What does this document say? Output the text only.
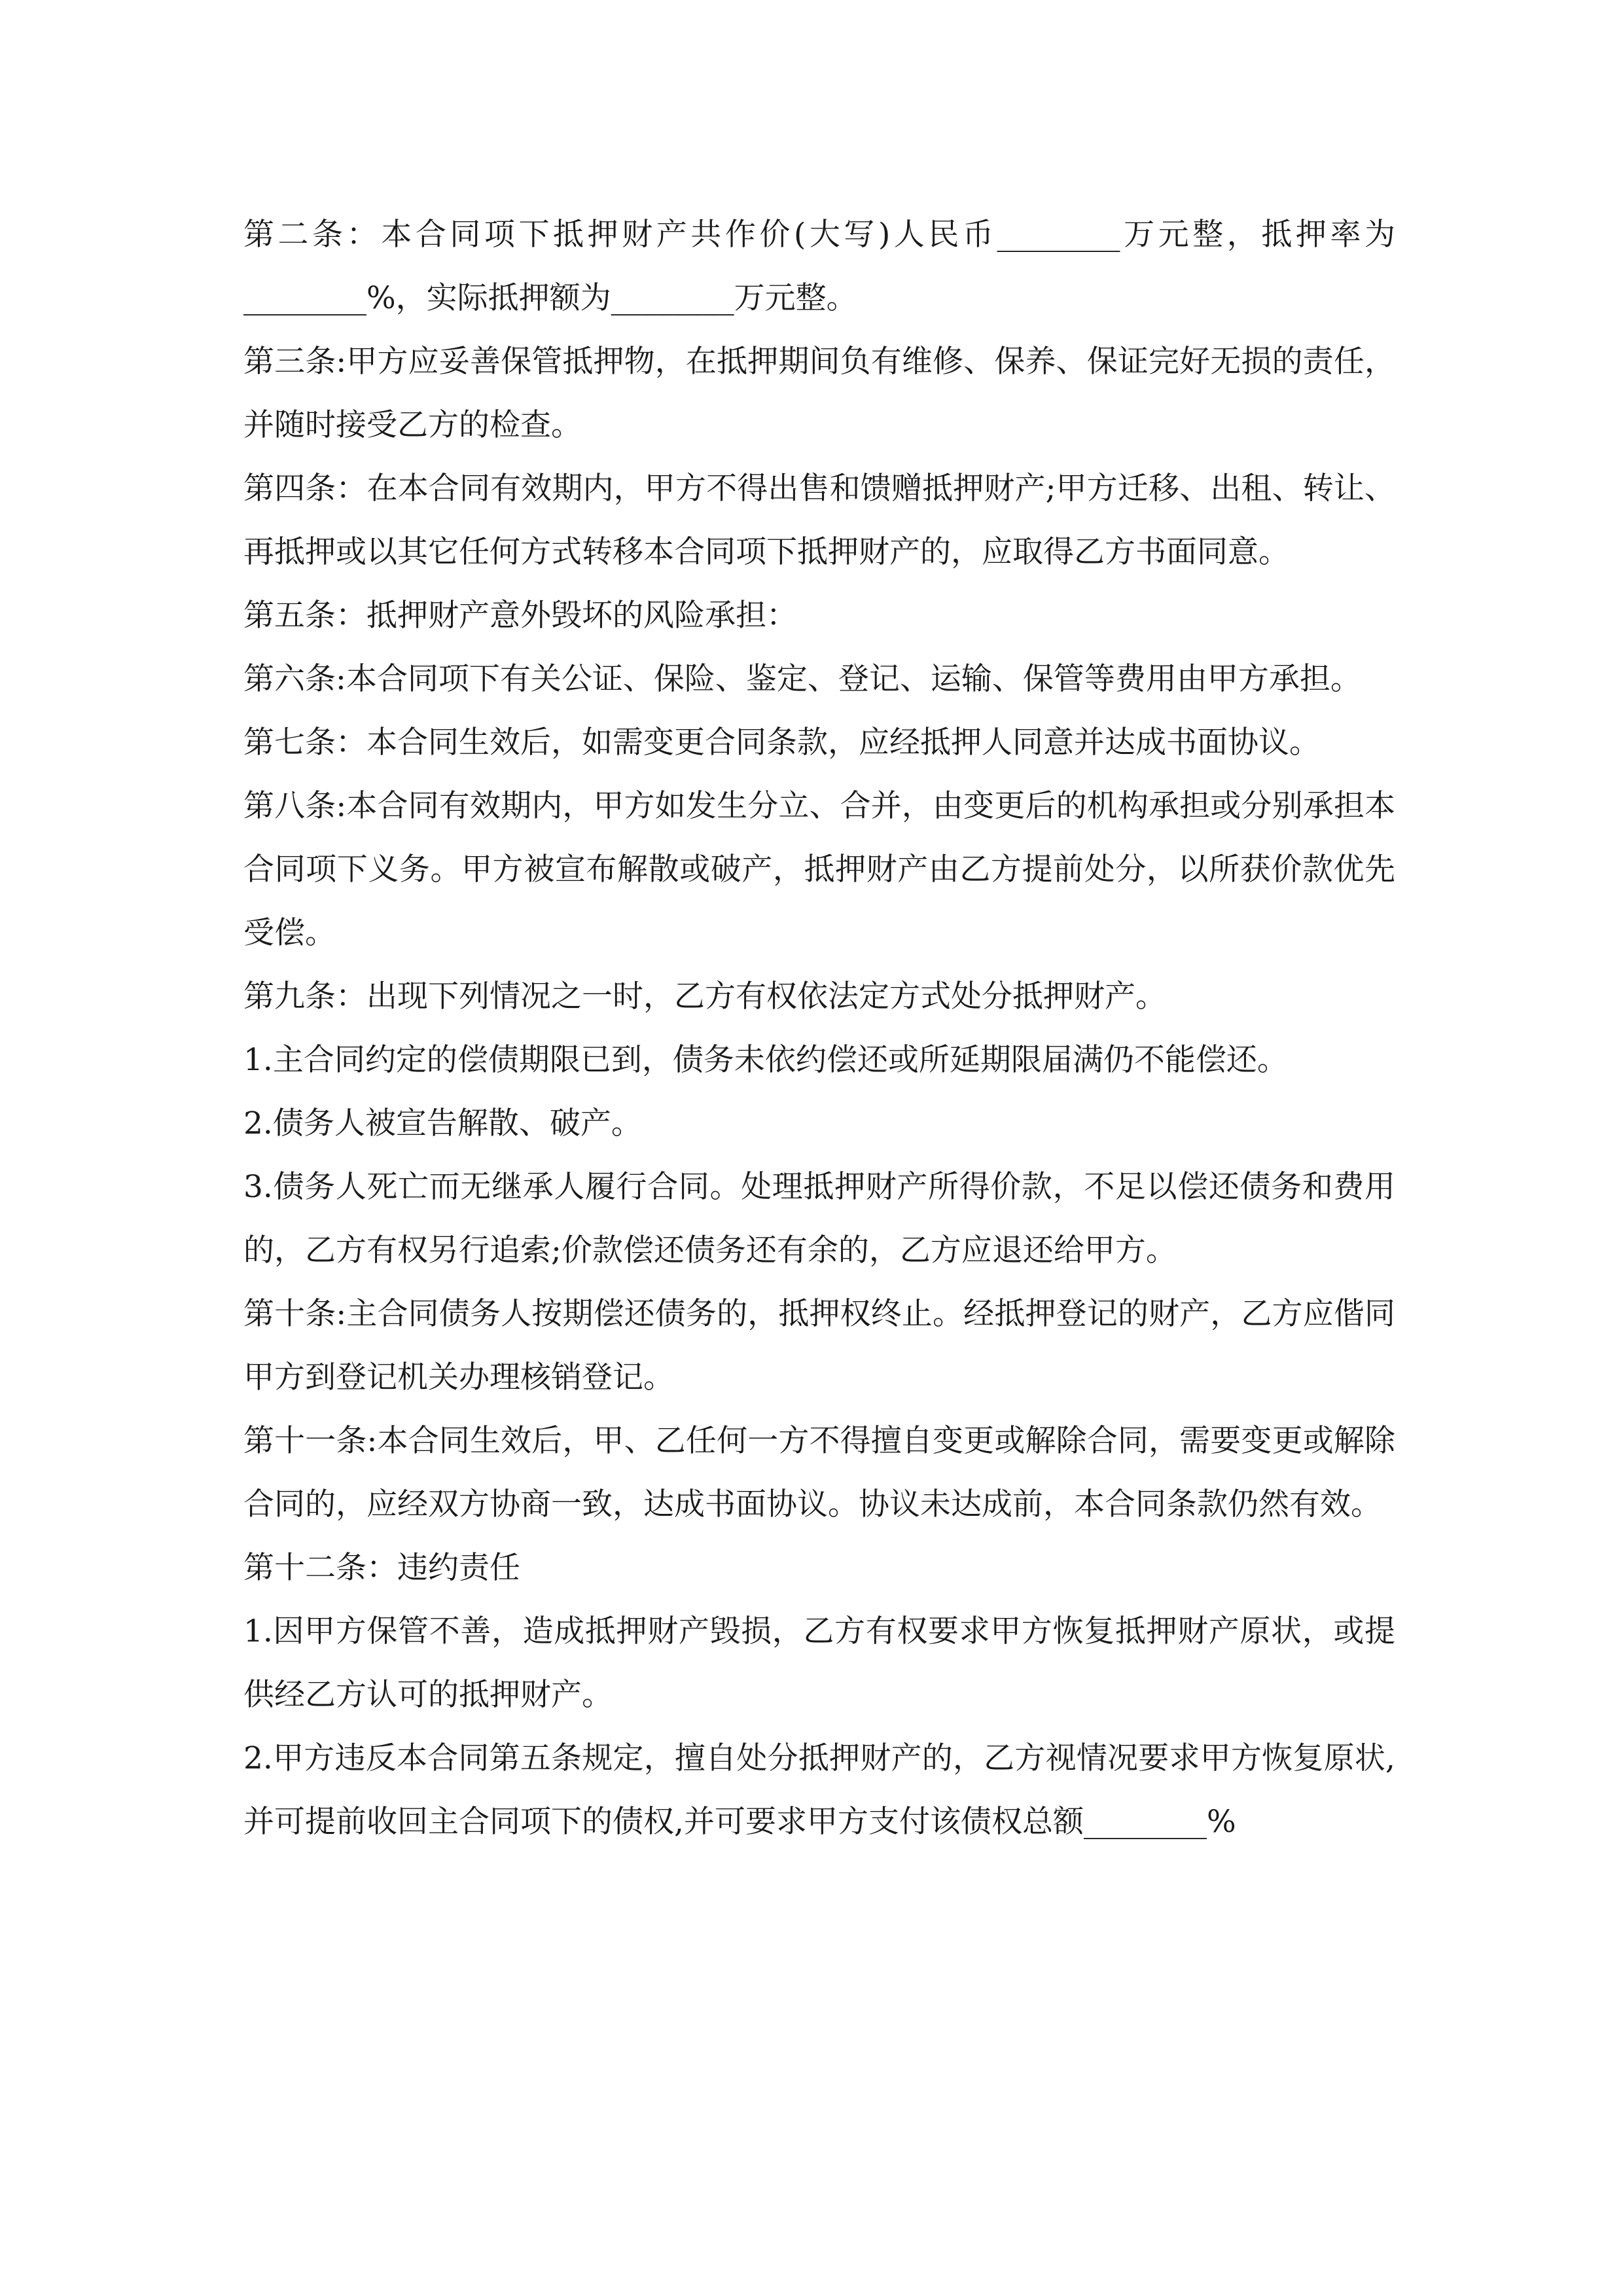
第二条：本合同项下抵押财产共作价(大写)人民币________万元整，抵押率为________%，实际抵押额为________万元整。

第三条:甲方应妥善保管抵押物，在抵押期间负有维修、保养、保证完好无损的责任，并随时接受乙方的检查。

第四条：在本合同有效期内，甲方不得出售和馈赠抵押财产;甲方迁移、出租、转让、再抵押或以其它任何方式转移本合同项下抵押财产的，应取得乙方书面同意。

第五条：抵押财产意外毁坏的风险承担：

第六条:本合同项下有关公证、保险、鉴定、登记、运输、保管等费用由甲方承担。

第七条：本合同生效后，如需变更合同条款，应经抵押人同意并达成书面协议。

第八条:本合同有效期内，甲方如发生分立、合并，由变更后的机构承担或分别承担本合同项下义务。甲方被宣布解散或破产，抵押财产由乙方提前处分，以所获价款优先受偿。

第九条：出现下列情况之一时，乙方有权依法定方式处分抵押财产。

1.主合同约定的偿债期限已到，债务未依约偿还或所延期限届满仍不能偿还。

2.债务人被宣告解散、破产。

3.债务人死亡而无继承人履行合同。处理抵押财产所得价款，不足以偿还债务和费用的，乙方有权另行追索;价款偿还债务还有余的，乙方应退还给甲方。

第十条:主合同债务人按期偿还债务的，抵押权终止。经抵押登记的财产，乙方应偕同甲方到登记机关办理核销登记。

第十一条:本合同生效后，甲、乙任何一方不得擅自变更或解除合同，需要变更或解除合同的，应经双方协商一致，达成书面协议。协议未达成前，本合同条款仍然有效。

第十二条：违约责任

1.因甲方保管不善，造成抵押财产毁损，乙方有权要求甲方恢复抵押财产原状，或提供经乙方认可的抵押财产。

2.甲方违反本合同第五条规定，擅自处分抵押财产的，乙方视情况要求甲方恢复原状,并可提前收回主合同项下的债权,并可要求甲方支付该债权总额________%
